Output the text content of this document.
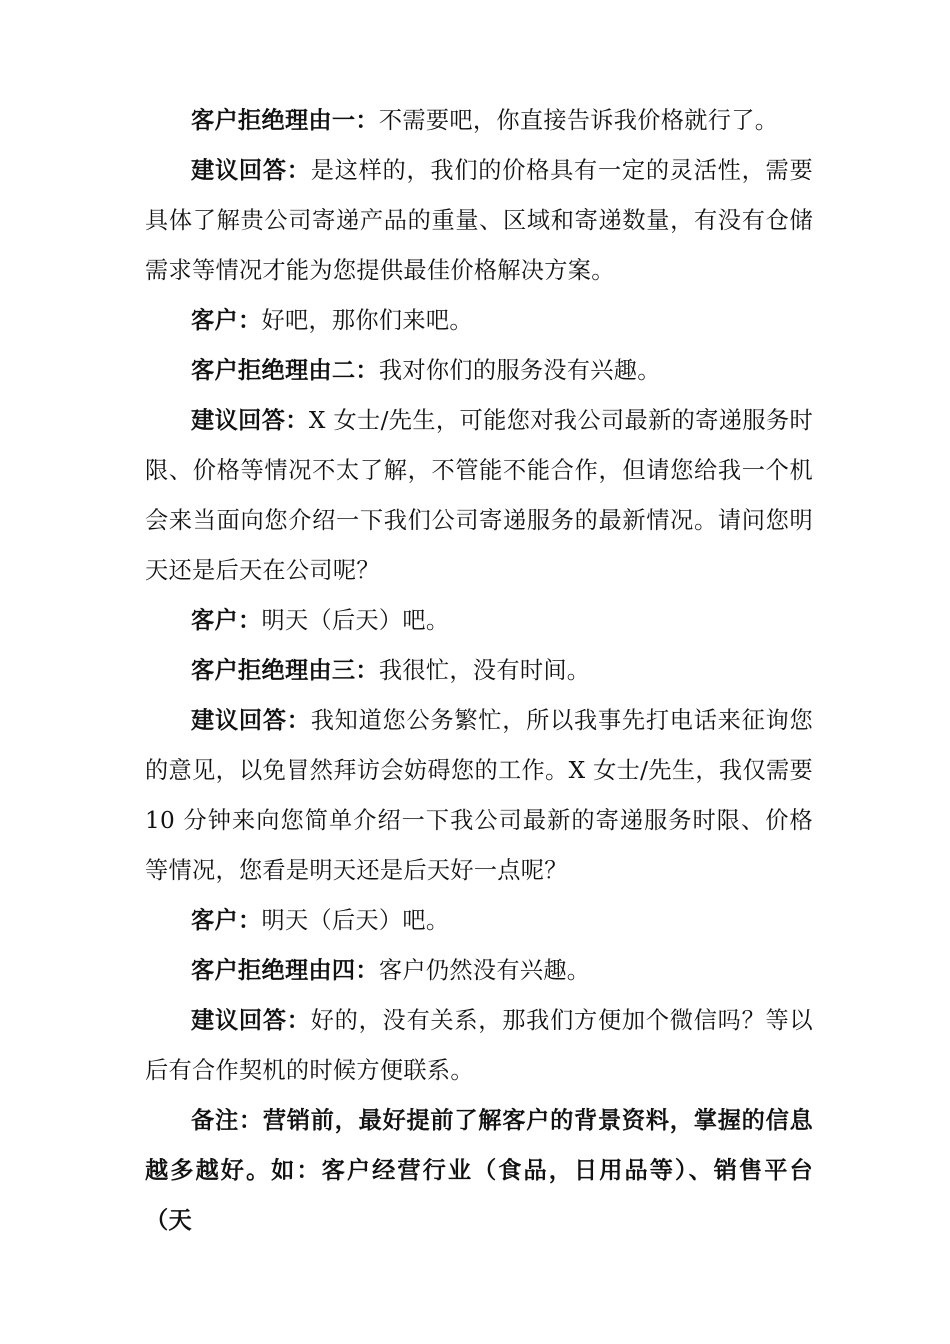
客户拒绝理由一：不需要吧，你直接告诉我价格就行了。

建议回答：是这样的，我们的价格具有一定的灵活性，需要具体了解贵公司寄递产品的重量、区域和寄递数量，有没有仓储需求等情况才能为您提供最佳价格解决方案。

客户：好吧，那你们来吧。

客户拒绝理由二：我对你们的服务没有兴趣。

建议回答：X 女士/先生，可能您对我公司最新的寄递服务时限、价格等情况不太了解，不管能不能合作，但请您给我一个机会来当面向您介绍一下我们公司寄递服务的最新情况。请问您明天还是后天在公司呢？

客户：明天（后天）吧。

客户拒绝理由三：我很忙，没有时间。

建议回答：我知道您公务繁忙，所以我事先打电话来征询您的意见，以免冒然拜访会妨碍您的工作。X 女士/先生，我仅需要 10 分钟来向您简单介绍一下我公司最新的寄递服务时限、价格等情况，您看是明天还是后天好一点呢？

客户：明天（后天）吧。

客户拒绝理由四：客户仍然没有兴趣。

建议回答：好的，没有关系，那我们方便加个微信吗？等以后有合作契机的时候方便联系。

备注：营销前，最好提前了解客户的背景资料，掌握的信息越多越好。如：客户经营行业（食品，日用品等）、销售平台（天
